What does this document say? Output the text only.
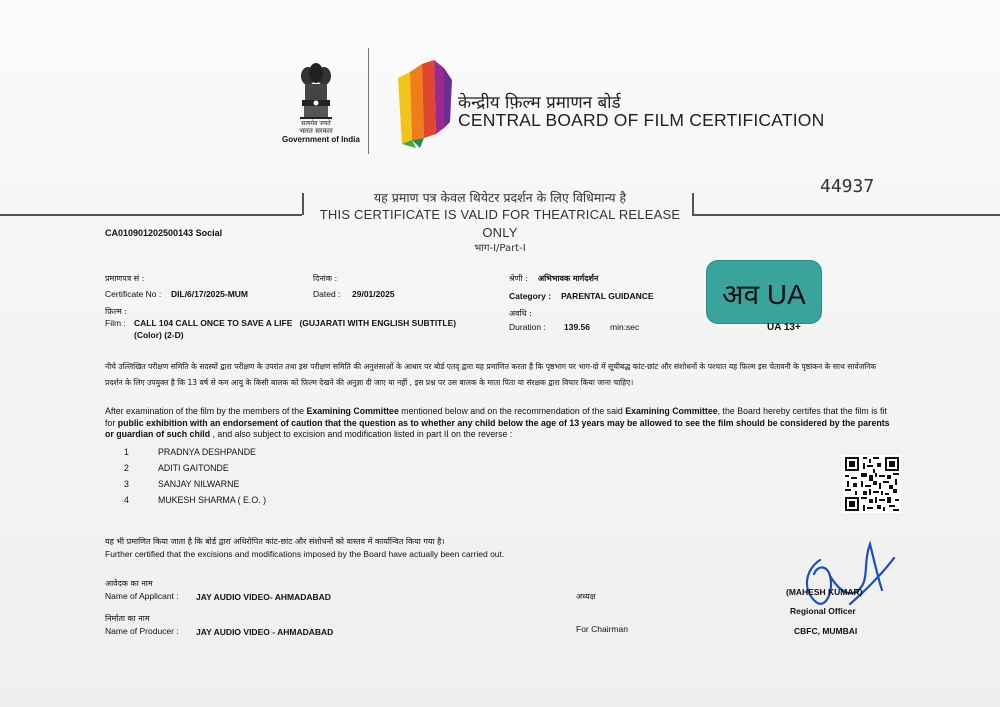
सत्यमेव जयते
भारत सरकार
Government of India
केन्द्रीय फ़िल्म प्रमाणन बोर्ड
CENTRAL BOARD OF FILM CERTIFICATION
44937
यह प्रमाण पत्र केवल थियेटर प्रदर्शन के लिए विधिमान्य है
THIS CERTIFICATE IS VALID FOR THEATRICAL RELEASE ONLY
भाग-I/Part-I
CA010901202500143 Social
प्रमाणपत्र सं :
Certificate No : DIL/6/17/2025-MUM
दिनांक :
Dated : 29/01/2025
श्रेणी : अभिभावक मार्गदर्शन
Category : PARENTAL GUIDANCE
फ़िल्म :
Film : CALL 104 CALL ONCE TO SAVE A LIFE   (GUJARATI WITH ENGLISH SUBTITLE)
(Color) (2-D)
अवधि :
Duration : 139.56 min:sec
अव UA
UA 13+
नीचे उल्लिखित परीक्षण समिति के सदस्यों द्वारा परीक्षण के उपरांत तथा इस परीक्षण समिति की अनुशंसाओं के आधार पर बोर्ड एतद् द्वारा यह प्रमाणित करता है कि पृष्ठभाग पर भाग-दो में सूचीबद्ध कांट-छांट और संशोधनों के पश्चात यह फ़िल्म इस चेतावनी के पृष्ठांकन के साथ सार्वजनिक प्रदर्शन के लिए उपयुक्त है कि 13 वर्ष से कम आयु के किसी बालक को फ़िल्म देखने की अनुज्ञा दी जाए या नहीं , इस प्रश्न पर उस बालक के माता पिता या संरक्षक द्वारा विचार किया जाना चाहिए।
After examination of the film by the members of the Examining Committee mentioned below and on the recommendation of the said Examining Committee, the Board hereby certifes that the film is fit for public exhibition with an endorsement of caution that the question as to whether any child below the age of 13 years may be allowed to see the film should be considered by the parents or guardian of such child , and also subject to excision and modification listed in part II on the reverse :
1	PRADNYA DESHPANDE
2	ADITI GAITONDE
3	SANJAY NILWARNE
4	MUKESH SHARMA ( E.O. )
यह भी प्रमाणित किया जाता है कि बोर्ड द्वारा अधिरोपित कांट-छांट और संशोधनों को वास्तव में कार्यान्वित किया गया है।
Further certified that the excisions and modifications imposed by the Board have actually been carried out.
आवेदक का नाम
Name of Applicant : JAY AUDIO VIDEO- AHMADABAD
निर्माता का नाम
Name of Producer : JAY AUDIO VIDEO - AHMADABAD
अध्यक्ष
For Chairman
(MAHESH KUMAR)
Regional Officer
CBFC, MUMBAI
